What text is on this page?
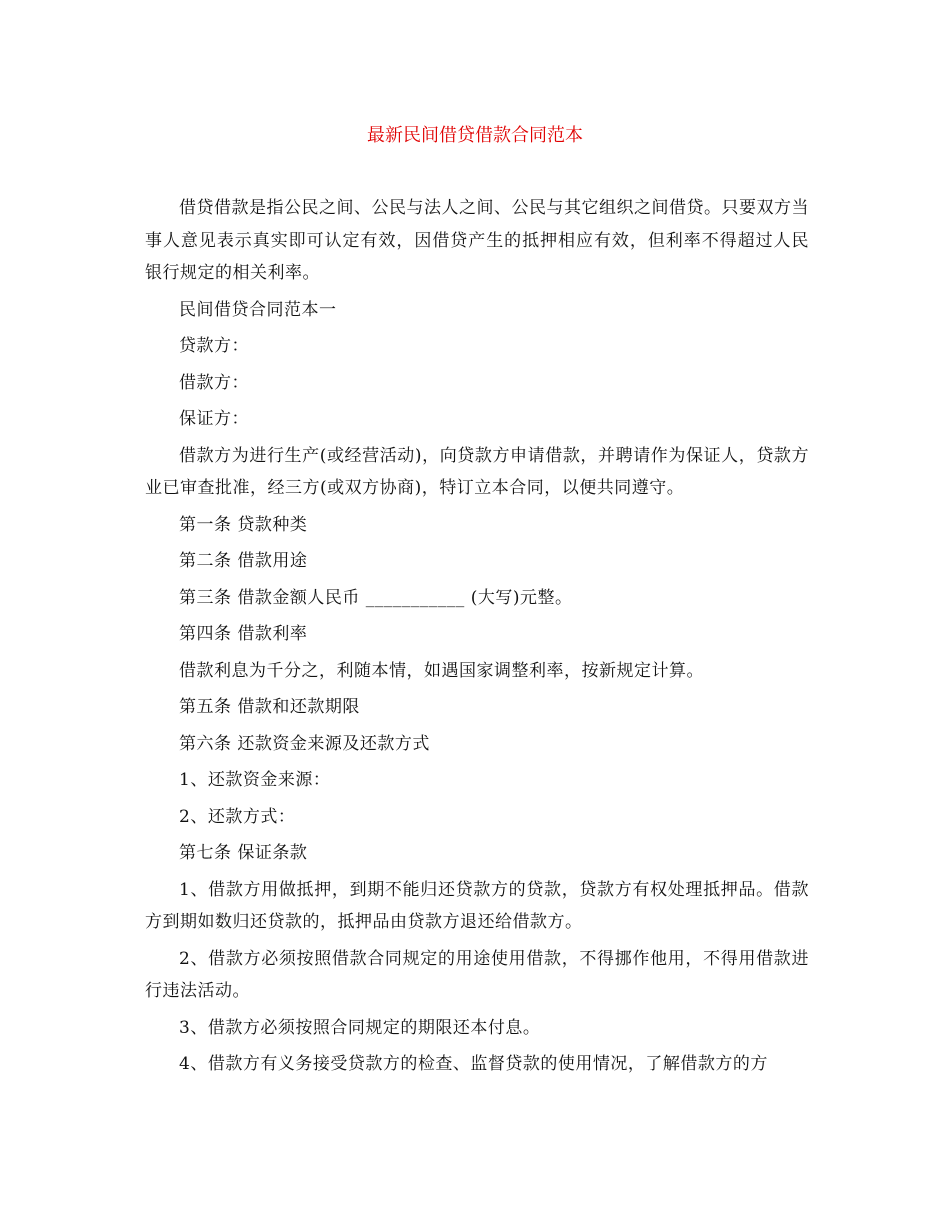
最新民间借贷借款合同范本

借贷借款是指公民之间、公民与法人之间、公民与其它组织之间借贷。只要双方当事人意见表示真实即可认定有效，因借贷产生的抵押相应有效，但利率不得超过人民银行规定的相关利率。

民间借贷合同范本一

贷款方：

借款方：

保证方：

借款方为进行生产(或经营活动)，向贷款方申请借款，并聘请作为保证人，贷款方业已审查批准，经三方(或双方协商)，特订立本合同，以便共同遵守。

第一条 贷款种类

第二条 借款用途

第三条 借款金额人民币 ___________ (大写)元整。

第四条 借款利率

借款利息为千分之，利随本情，如遇国家调整利率，按新规定计算。

第五条 借款和还款期限

第六条 还款资金来源及还款方式

1、还款资金来源：

2、还款方式：

第七条 保证条款

1、借款方用做抵押，到期不能归还贷款方的贷款，贷款方有权处理抵押品。借款方到期如数归还贷款的，抵押品由贷款方退还给借款方。

2、借款方必须按照借款合同规定的用途使用借款，不得挪作他用，不得用借款进行违法活动。

3、借款方必须按照合同规定的期限还本付息。

4、借款方有义务接受贷款方的检查、监督贷款的使用情况，了解借款方的方
